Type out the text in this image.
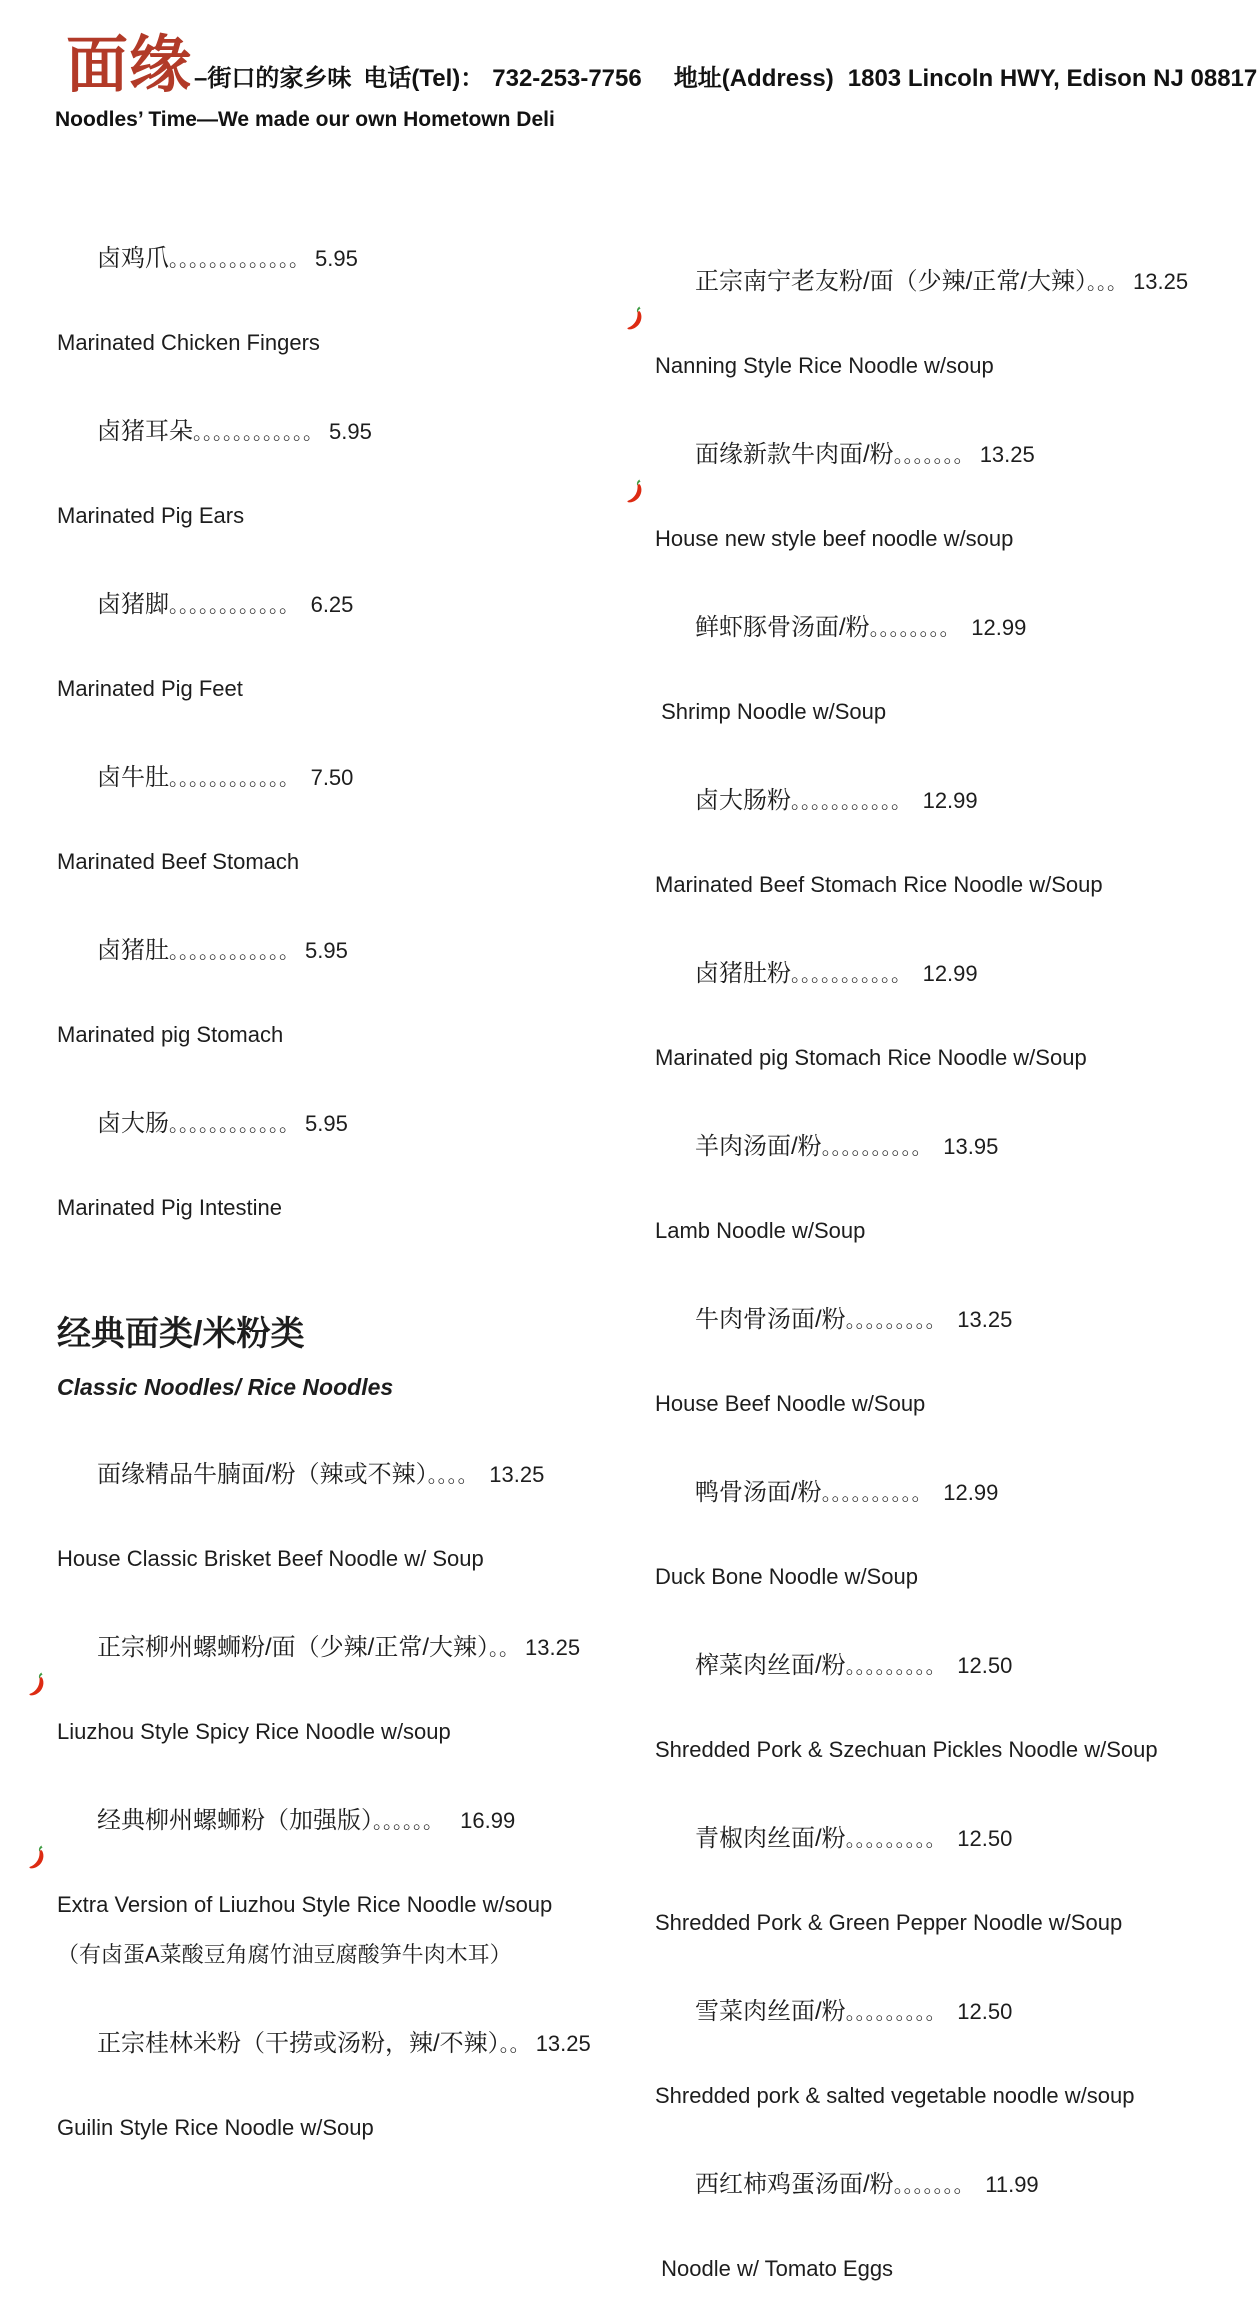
面缘 –街口的家乡味 电话(Tel)： 732-253-7756 地址(Address) 1803 Lincoln HWY, Edison NJ 08817
Noodles’ Time—We made our own Hometown Deli

卤鸡爪。。。。。。。。。。。。。 5.95

Marinated Chicken Fingers

卤猪耳朵。。。。。。。。。。。。 5.95

Marinated Pig Ears

卤猪脚。。。。。。。。。。。。 6.25

Marinated Pig Feet

卤牛肚。。。。。。。。。。。。 7.50

Marinated Beef Stomach

卤猪肚。。。。。。。。。。。。 5.95

Marinated pig Stomach

卤大肠。。。。。。。。。。。。 5.95

Marinated Pig Intestine
经典面类/米粉类
Classic Noodles/ Rice Noodles

面缘精品牛腩面/粉（辣或不辣）。。。。 13.25

House Classic Brisket Beef Noodle w/ Soup

正宗柳州螺蛳粉/面（少辣/正常/大辣）。。 13.25

Liuzhou Style Spicy Rice Noodle w/soup

经典柳州螺蛳粉（加强版）。。。。。。  16.99

Extra Version of Liuzhou Style Rice Noodle w/soup
（有卤蛋A菜酸豆角腐竹油豆腐酸笋牛肉木耳）

正宗桂林米粉（干捞或汤粉，辣/不辣）。。 13.25

Guilin Style Rice Noodle w/Soup

正宗南宁老友粉/面（少辣/正常/大辣）。。。 13.25

Nanning Style Rice Noodle w/soup

面缘新款牛肉面/粉。。。。。。。 13.25

House new style beef noodle w/soup

鲜虾豚骨汤面/粉。。。。。。。。 12.99

Shrimp Noodle w/Soup

卤大肠粉。。。。。。。。。。。 12.99

Marinated Beef Stomach Rice Noodle w/Soup

卤猪肚粉。。。。。。。。。。。 12.99

Marinated pig Stomach Rice Noodle w/Soup

羊肉汤面/粉。。。。。。。。。。 13.95

Lamb Noodle w/Soup

牛肉骨汤面/粉。。。。。。。。。 13.25

House Beef Noodle w/Soup

鸭骨汤面/粉。。。。。。。。。。 12.99

Duck Bone Noodle w/Soup

榨菜肉丝面/粉。。。。。。。。。 12.50

Shredded Pork & Szechuan Pickles Noodle w/Soup

青椒肉丝面/粉。。。。。。。。。 12.50

Shredded Pork & Green Pepper Noodle w/Soup

雪菜肉丝面/粉。。。。。。。。。 12.50

Shredded pork & salted vegetable noodle w/soup

西红柿鸡蛋汤面/粉。。。。。。。 11.99

Noodle w/ Tomato Eggs
